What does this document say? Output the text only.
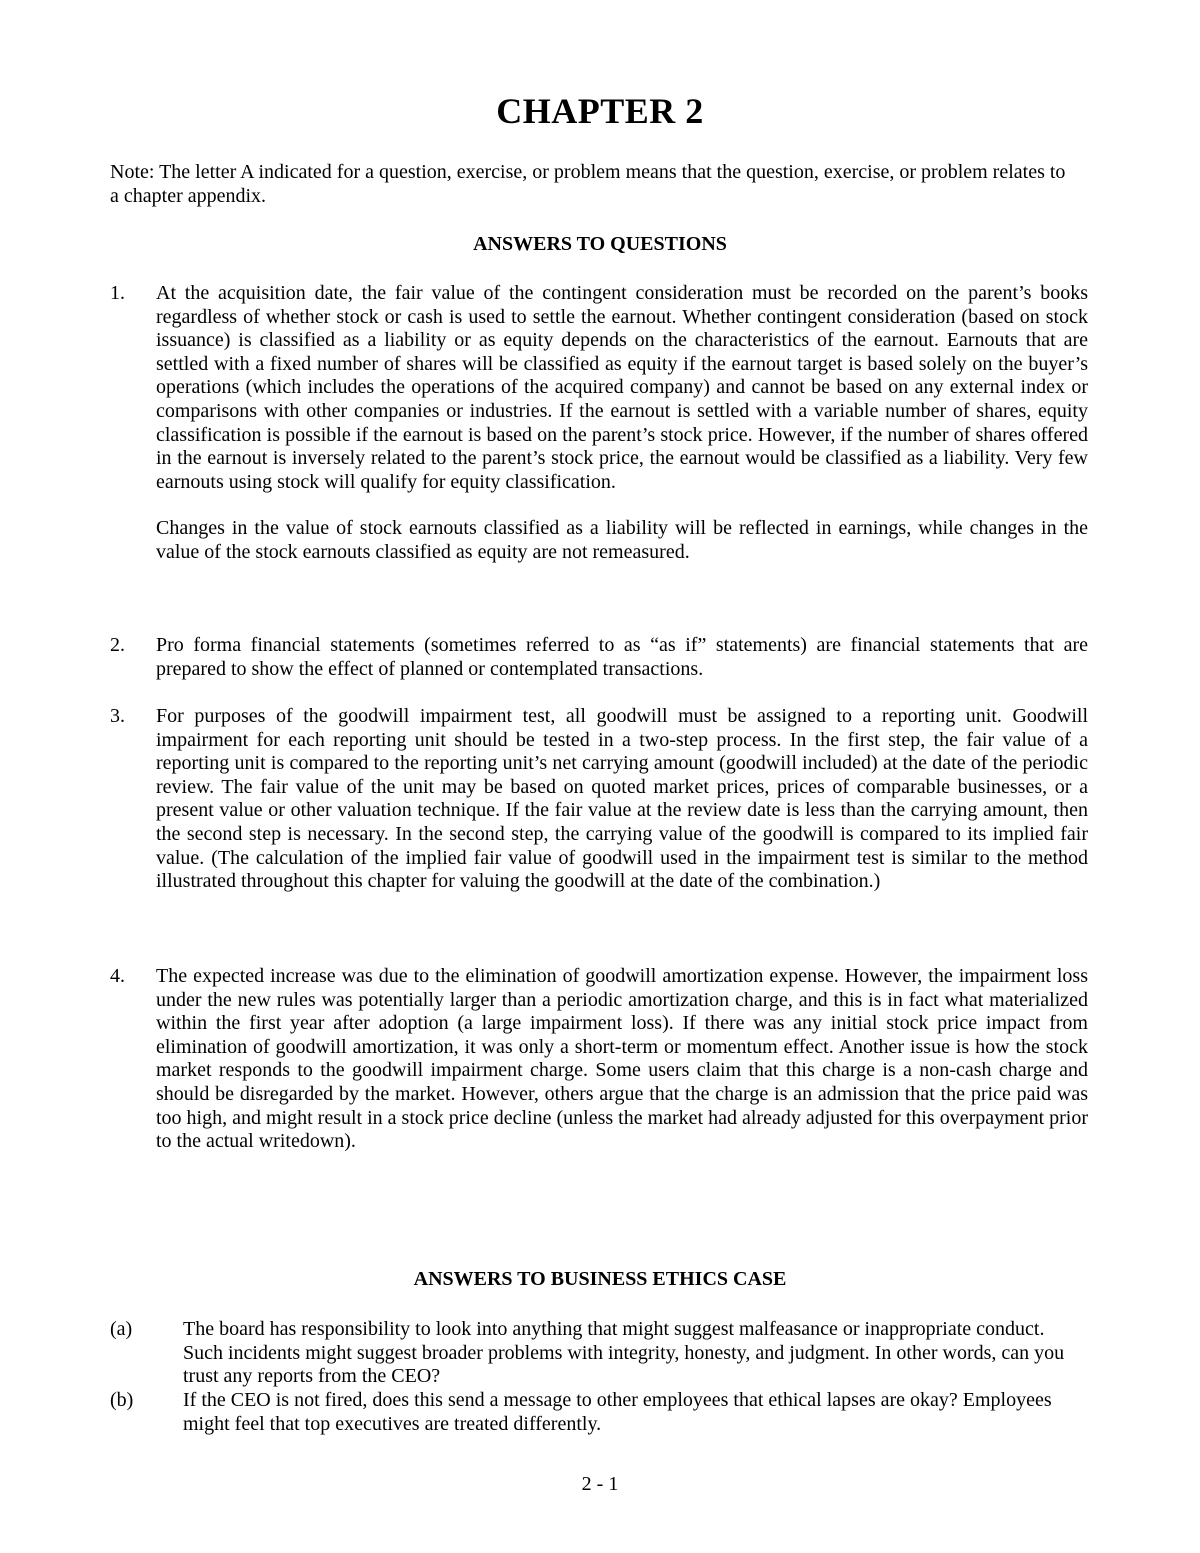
CHAPTER 2
Note: The letter A indicated for a question, exercise, or problem means that the question, exercise, or problem relates to a chapter appendix.
ANSWERS TO QUESTIONS
1.	At the acquisition date, the fair value of the contingent consideration must be recorded on the parent’s books regardless of whether stock or cash is used to settle the earnout. Whether contingent consideration (based on stock issuance) is classified as a liability or as equity depends on the characteristics of the earnout. Earnouts that are settled with a fixed number of shares will be classified as equity if the earnout target is based solely on the buyer’s operations (which includes the operations of the acquired company) and cannot be based on any external index or comparisons with other companies or industries. If the earnout is settled with a variable number of shares, equity classification is possible if the earnout is based on the parent’s stock price. However, if the number of shares offered in the earnout is inversely related to the parent’s stock price, the earnout would be classified as a liability. Very few earnouts using stock will qualify for equity classification.

Changes in the value of stock earnouts classified as a liability will be reflected in earnings, while changes in the value of the stock earnouts classified as equity are not remeasured.

2.	Pro forma financial statements (sometimes referred to as “as if” statements) are financial statements that are prepared to show the effect of planned or contemplated transactions.

3.	For purposes of the goodwill impairment test, all goodwill must be assigned to a reporting unit. Goodwill impairment for each reporting unit should be tested in a two-step process. In the first step, the fair value of a reporting unit is compared to the reporting unit’s net carrying amount (goodwill included) at the date of the periodic review. The fair value of the unit may be based on quoted market prices, prices of comparable businesses, or a present value or other valuation technique. If the fair value at the review date is less than the carrying amount, then the second step is necessary. In the second step, the carrying value of the goodwill is compared to its implied fair value. (The calculation of the implied fair value of goodwill used in the impairment test is similar to the method illustrated throughout this chapter for valuing the goodwill at the date of the combination.)

4.	The expected increase was due to the elimination of goodwill amortization expense. However, the impairment loss under the new rules was potentially larger than a periodic amortization charge, and this is in fact what materialized within the first year after adoption (a large impairment loss). If there was any initial stock price impact from elimination of goodwill amortization, it was only a short-term or momentum effect. Another issue is how the stock market responds to the goodwill impairment charge. Some users claim that this charge is a non-cash charge and should be disregarded by the market. However, others argue that the charge is an admission that the price paid was too high, and might result in a stock price decline (unless the market had already adjusted for this overpayment prior to the actual writedown).

ANSWERS TO BUSINESS ETHICS CASE
(a)	The board has responsibility to look into anything that might suggest malfeasance or inappropriate conduct. Such incidents might suggest broader problems with integrity, honesty, and judgment. In other words, can you trust any reports from the CEO?
(b) If the CEO is not fired, does this send a message to other employees that ethical lapses are okay? Employees might feel that top executives are treated differently.
2 - 1
